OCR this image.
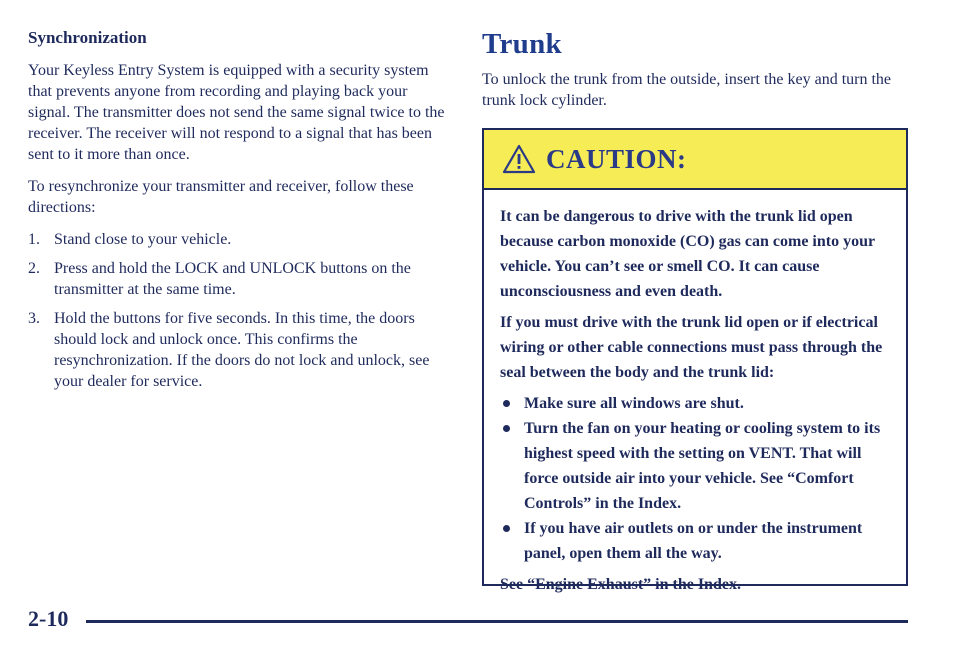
Synchronization

Your Keyless Entry System is equipped with a security system that prevents anyone from recording and playing back your signal. The transmitter does not send the same signal twice to the receiver. The receiver will not respond to a signal that has been sent to it more than once.

To resynchronize your transmitter and receiver, follow these directions:

1. Stand close to your vehicle.
2. Press and hold the LOCK and UNLOCK buttons on the transmitter at the same time.
3. Hold the buttons for five seconds. In this time, the doors should lock and unlock once. This confirms the resynchronization. If the doors do not lock and unlock, see your dealer for service.
Trunk

To unlock the trunk from the outside, insert the key and turn the trunk lock cylinder.

CAUTION:

It can be dangerous to drive with the trunk lid open because carbon monoxide (CO) gas can come into your vehicle. You can’t see or smell CO. It can cause unconsciousness and even death.

If you must drive with the trunk lid open or if electrical wiring or other cable connections must pass through the seal between the body and the trunk lid:

Make sure all windows are shut.
Turn the fan on your heating or cooling system to its highest speed with the setting on VENT. That will force outside air into your vehicle. See “Comfort Controls” in the Index.
If you have air outlets on or under the instrument panel, open them all the way.

See “Engine Exhaust” in the Index.

2-10
